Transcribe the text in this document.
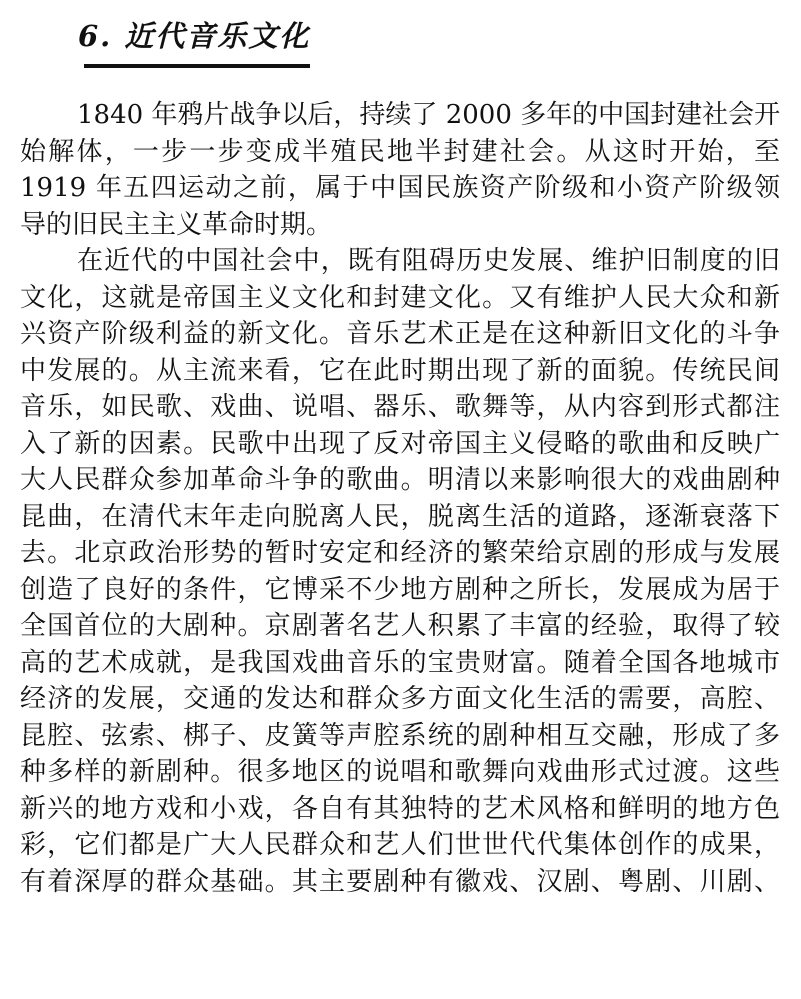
6. 近代音乐文化
1840 年鸦片战争以后，持续了 2000 多年的中国封建社会开
始解体，一步一步变成半殖民地半封建社会。从这时开始，至
1919 年五四运动之前，属于中国民族资产阶级和小资产阶级领
导的旧民主主义革命时期。
在近代的中国社会中，既有阻碍历史发展、维护旧制度的旧
文化，这就是帝国主义文化和封建文化。又有维护人民大众和新
兴资产阶级利益的新文化。音乐艺术正是在这种新旧文化的斗争
中发展的。从主流来看，它在此时期出现了新的面貌。传统民间
音乐，如民歌、戏曲、说唱、器乐、歌舞等，从内容到形式都注
入了新的因素。民歌中出现了反对帝国主义侵略的歌曲和反映广
大人民群众参加革命斗争的歌曲。明清以来影响很大的戏曲剧种
昆曲，在清代末年走向脱离人民，脱离生活的道路，逐渐衰落下
去。北京政治形势的暂时安定和经济的繁荣给京剧的形成与发展
创造了良好的条件，它博采不少地方剧种之所长，发展成为居于
全国首位的大剧种。京剧著名艺人积累了丰富的经验，取得了较
高的艺术成就，是我国戏曲音乐的宝贵财富。随着全国各地城市
经济的发展，交通的发达和群众多方面文化生活的需要，高腔、
昆腔、弦索、梆子、皮簧等声腔系统的剧种相互交融，形成了多
种多样的新剧种。很多地区的说唱和歌舞向戏曲形式过渡。这些
新兴的地方戏和小戏，各自有其独特的艺术风格和鲜明的地方色
彩，它们都是广大人民群众和艺人们世世代代集体创作的成果，
有着深厚的群众基础。其主要剧种有徽戏、汉剧、粤剧、川剧、
